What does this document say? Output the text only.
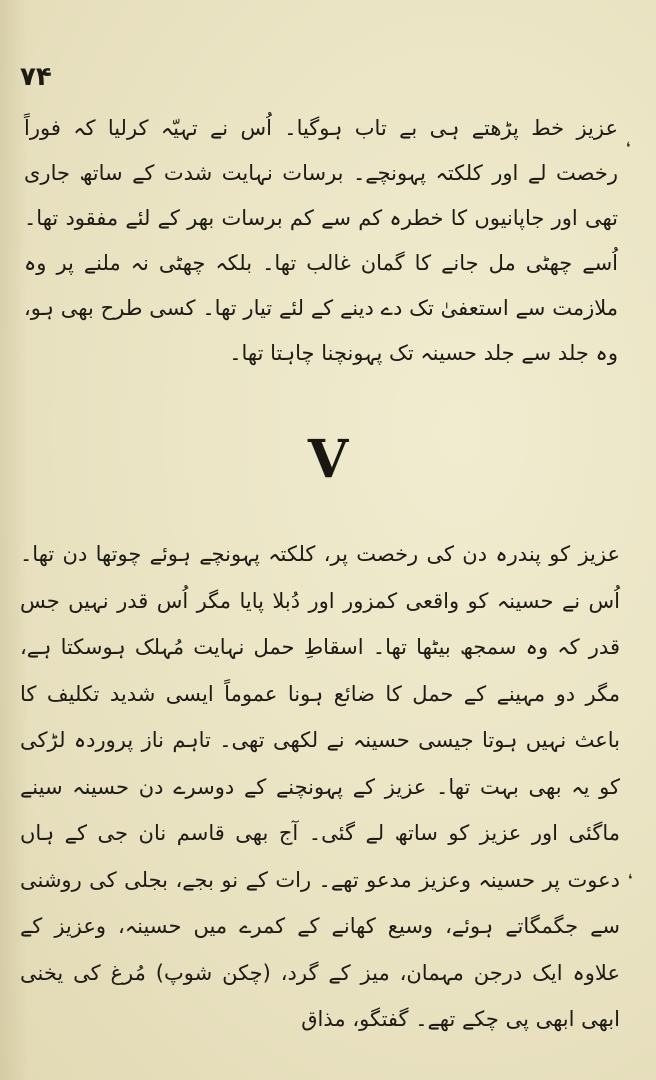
۷۴
❛

عزیز خط پڑھتے ہی بے تاب ہوگیا۔ اُس نے تہیّہ کرلیا کہ فوراً رخصت لے اور کلکتہ پہونچے۔ برسات نہایت شدت کے ساتھ جاری تھی اور جاپانیوں کا خطرہ کم سے کم برسات بھر کے لئے مفقود تھا۔ اُسے چھٹی مل جانے کا گمان غالب تھا۔ بلکہ چھٹی نہ ملنے پر وہ ملازمت سے استعفیٰ تک دے دینے کے لئے تیار تھا۔ کسی طرح بھی ہو، وہ جلد سے جلد حسینہ تک پہونچنا چاہتا تھا۔

V

عزیز کو پندرہ دن کی رخصت پر، کلکتہ پہونچے ہوئے چوتھا دن تھا۔ اُس نے حسینہ کو واقعی کمزور اور دُبلا پایا مگر اُس قدر نہیں جس قدر کہ وہ سمجھ بیٹھا تھا۔ اسقاطِ حمل نہایت مُہلک ہوسکتا ہے، مگر دو مہینے کے حمل کا ضائع ہونا عموماً ایسی شدید تکلیف کا باعث نہیں ہوتا جیسی حسینہ نے لکھی تھی۔ تاہم ناز پروردہ لڑکی کو یہ بھی بہت تھا۔ عزیز کے پہونچنے کے دوسرے دن حسینہ سینے ماگئی اور عزیز کو ساتھ لے گئی۔ آج بھی قاسم نان جی کے ہاں دعوت پر حسینہ وعزیز مدعو تھے۔ رات کے نو بجے، بجلی کی روشنی سے جگمگاتے ہوئے، وسیع کھانے کے کمرے میں حسینہ، وعزیز کے علاوہ ایک درجن مہمان، میز کے گرد، (چکن شوپ) مُرغ کی یخنی ابھی ابھی پی چکے تھے۔ گفتگو، مذاق

❛
